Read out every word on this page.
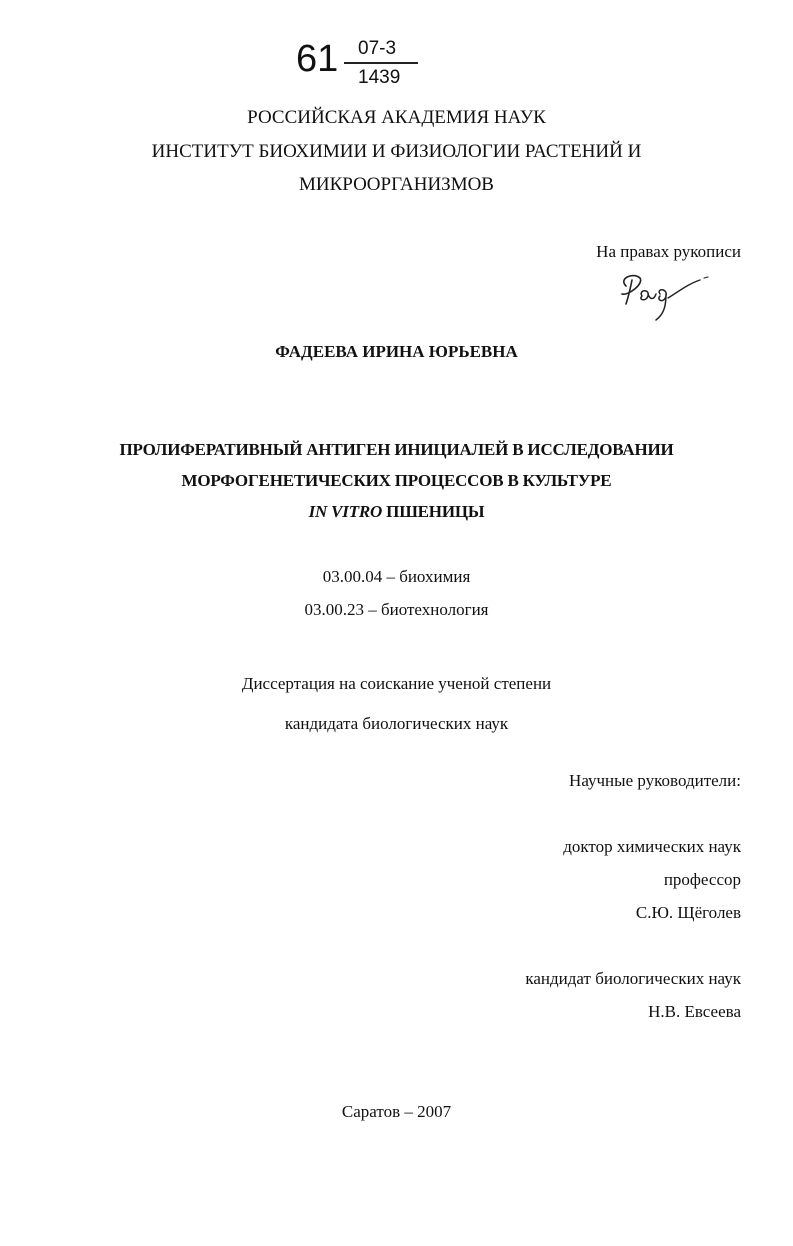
61 07-3
1439
РОССИЙСКАЯ АКАДЕМИЯ НАУК
ИНСТИТУТ БИОХИМИИ И ФИЗИОЛОГИИ РАСТЕНИЙ И
МИКРООРГАНИЗМОВ
На правах рукописи
ФАДЕЕВА ИРИНА ЮРЬЕВНА
ПРОЛИФЕРАТИВНЫЙ АНТИГЕН ИНИЦИАЛЕЙ В ИССЛЕДОВАНИИ
МОРФОГЕНЕТИЧЕСКИХ ПРОЦЕССОВ В КУЛЬТУРЕ
IN VITRO ПШЕНИЦЫ
03.00.04 – биохимия
03.00.23 – биотехнология
Диссертация на соискание ученой степени
кандидата биологических наук
Научные руководители:
доктор химических наук
профессор
С.Ю. Щёголев
кандидат биологических наук
Н.В. Евсеева
Саратов – 2007
